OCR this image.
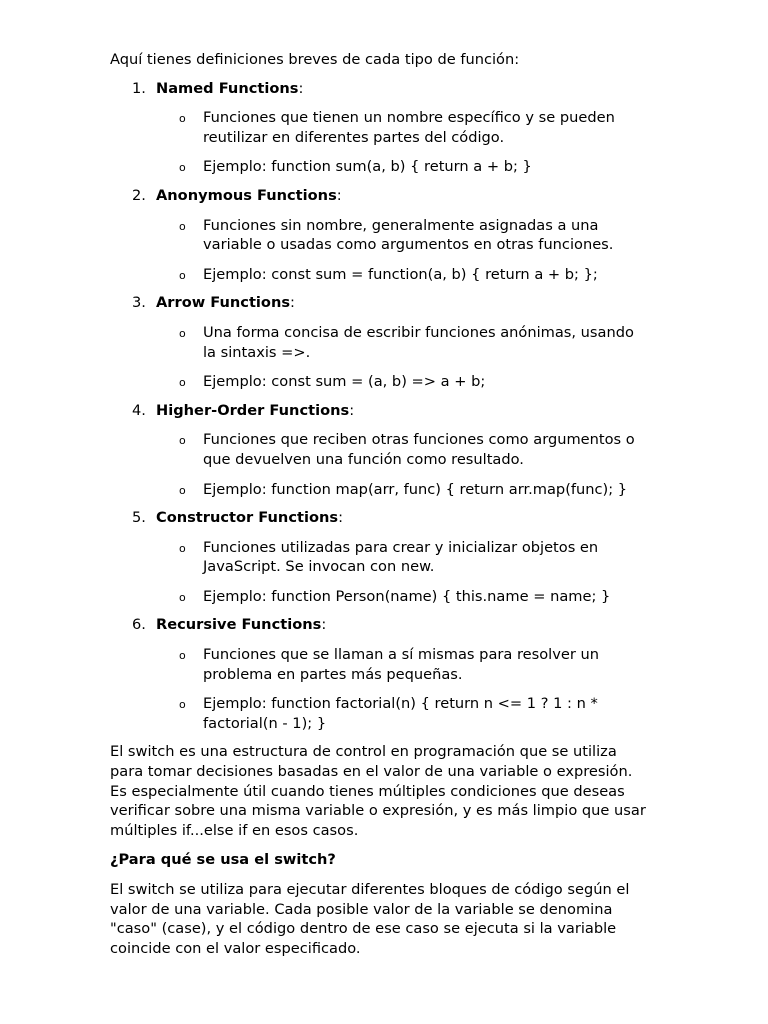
Aquí tienes definiciones breves de cada tipo de función:

1. Named Functions:
o Funciones que tienen un nombre específico y se pueden reutilizar en diferentes partes del código.
o Ejemplo: function sum(a, b) { return a + b; }
2. Anonymous Functions:
o Funciones sin nombre, generalmente asignadas a una variable o usadas como argumentos en otras funciones.
o Ejemplo: const sum = function(a, b) { return a + b; };
3. Arrow Functions:
o Una forma concisa de escribir funciones anónimas, usando la sintaxis =>.
o Ejemplo: const sum = (a, b) => a + b;
4. Higher-Order Functions:
o Funciones que reciben otras funciones como argumentos o que devuelven una función como resultado.
o Ejemplo: function map(arr, func) { return arr.map(func); }
5. Constructor Functions:
o Funciones utilizadas para crear y inicializar objetos en JavaScript. Se invocan con new.
o Ejemplo: function Person(name) { this.name = name; }
6. Recursive Functions:
o Funciones que se llaman a sí mismas para resolver un problema en partes más pequeñas.
o Ejemplo: function factorial(n) { return n <= 1 ? 1 : n * factorial(n - 1); }

El switch es una estructura de control en programación que se utiliza para tomar decisiones basadas en el valor de una variable o expresión. Es especialmente útil cuando tienes múltiples condiciones que deseas verificar sobre una misma variable o expresión, y es más limpio que usar múltiples if...else if en esos casos.

¿Para qué se usa el switch?

El switch se utiliza para ejecutar diferentes bloques de código según el valor de una variable. Cada posible valor de la variable se denomina "caso" (case), y el código dentro de ese caso se ejecuta si la variable coincide con el valor especificado.
